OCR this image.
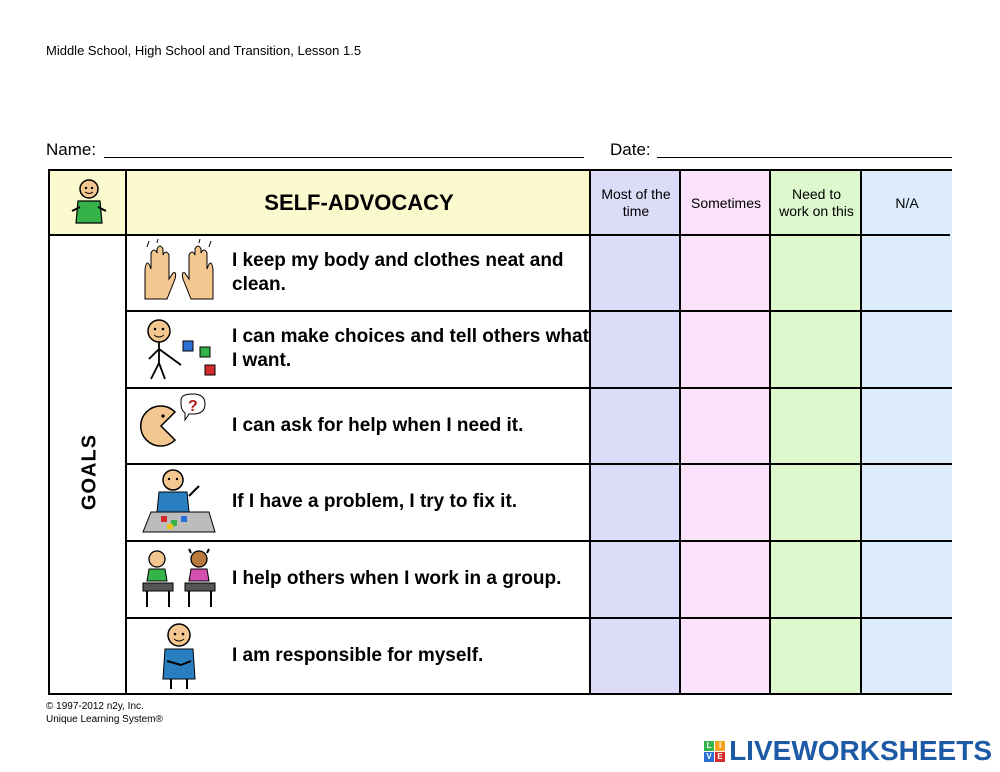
Middle School, High School and Transition, Lesson 1.5
Name:	Date:
SELF-ADVOCACY	Most of the time
Sometimes
Need to work on this
N/A
GOALS
I keep my body and clothes neat and clean.
I can make choices and tell others what I want.
?
I can ask for help when I need it.
If I have a problem, I try to fix it.
I help others when I work in a group.
I am responsible for myself.
© 1997-2012 n2y, Inc.
Unique Learning System®
L I
V E LIVEWORKSHEETS
